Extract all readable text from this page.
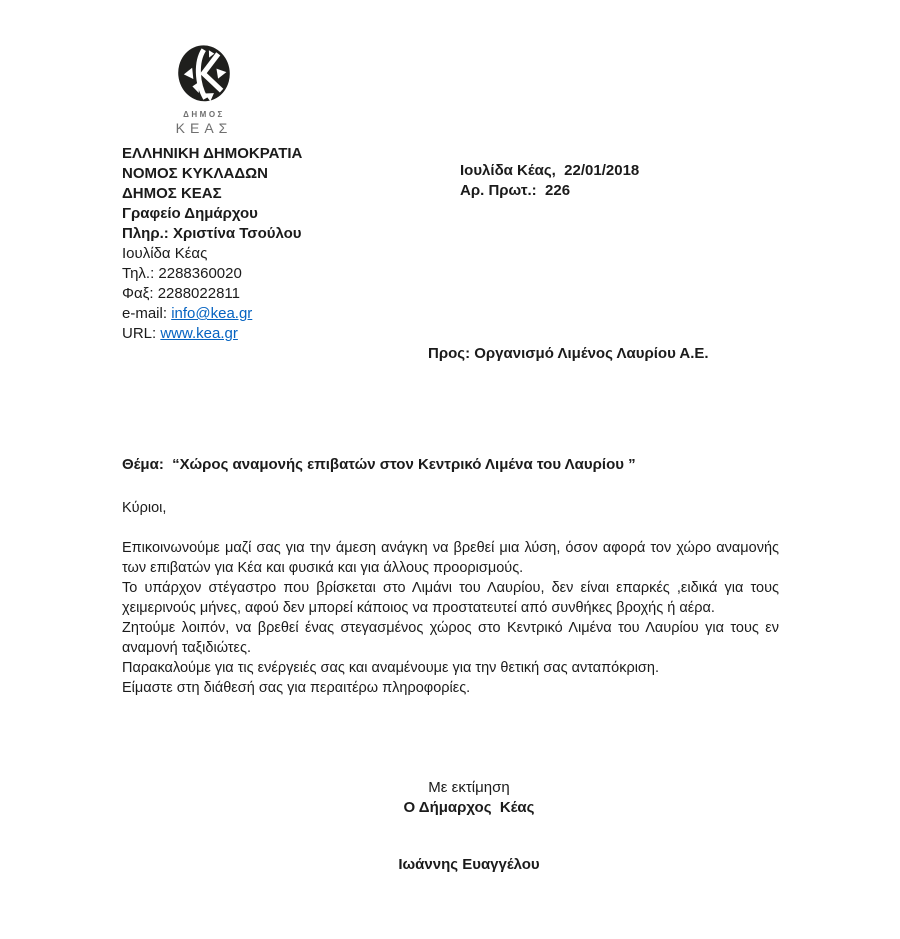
ΔΗΜΟΣ
ΚΕΑΣ
ΕΛΛΗΝΙΚΗ ΔΗΜΟΚΡΑΤΙΑ
ΝΟΜΟΣ ΚΥΚΛΑΔΩΝ
ΔΗΜΟΣ ΚΕΑΣ
Γραφείο Δημάρχου
Πληρ.: Χριστίνα Τσούλου
Ιουλίδα Κέας
Τηλ.: 2288360020
Φαξ: 2288022811
e-mail: info@kea.gr
URL: www.kea.gr
Ιουλίδα Κέας,  22/01/2018
Αρ. Πρωτ.:  226
Προς: Οργανισμό Λιμένος Λαυρίου Α.Ε.
Θέμα:  “Χώρος αναμονής επιβατών στον Κεντρικό Λιμένα του Λαυρίου ”

Κύριοι,

Επικοινωνούμε μαζί σας για την άμεση ανάγκη να βρεθεί μια λύση, όσον αφορά τον χώρο αναμονής των επιβατών για Κέα και φυσικά και για άλλους προορισμούς.

Το υπάρχον στέγαστρο που βρίσκεται στο Λιμάνι του Λαυρίου, δεν είναι επαρκές ,ειδικά για τους χειμερινούς μήνες, αφού δεν μπορεί κάποιος να προστατευτεί από συνθήκες βροχής ή αέρα.

Ζητούμε λοιπόν, να βρεθεί ένας στεγασμένος χώρος στο Κεντρικό Λιμένα του Λαυρίου για τους εν αναμονή ταξιδιώτες.

Παρακαλούμε για τις ενέργειές σας και αναμένουμε για την θετική σας ανταπόκριση.

Είμαστε στη διάθεσή σας για περαιτέρω πληροφορίες.

Με εκτίμηση
Ο Δήμαρχος  Κέας
Ιωάννης Ευαγγέλου
